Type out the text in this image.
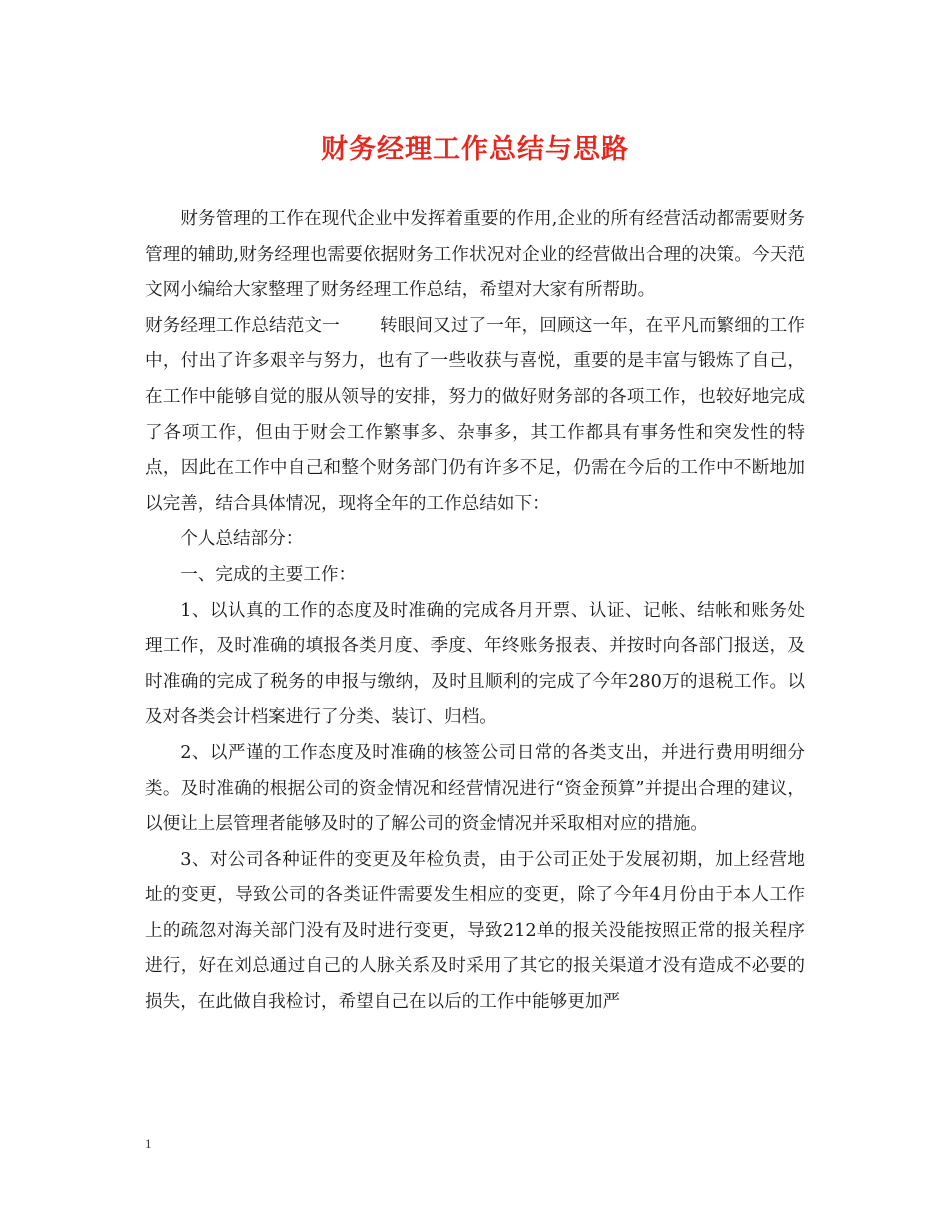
财务经理工作总结与思路

财务管理的工作在现代企业中发挥着重要的作用,企业的所有经营活动都需要财务管理的辅助,财务经理也需要依据财务工作状况对企业的经营做出合理的决策。今天范文网小编给大家整理了财务经理工作总结，希望对大家有所帮助。

财务经理工作总结范文一 转眼间又过了一年，回顾这一年，在平凡而繁细的工作中，付出了许多艰辛与努力，也有了一些收获与喜悦，重要的是丰富与锻炼了自己，在工作中能够自觉的服从领导的安排，努力的做好财务部的各项工作，也较好地完成了各项工作，但由于财会工作繁事多、杂事多，其工作都具有事务性和突发性的特点，因此在工作中自己和整个财务部门仍有许多不足，仍需在今后的工作中不断地加以完善，结合具体情况，现将全年的工作总结如下：

个人总结部分：

一、完成的主要工作：

1、以认真的工作的态度及时准确的完成各月开票、认证、记帐、结帐和账务处理工作，及时准确的填报各类月度、季度、年终账务报表、并按时向各部门报送，及时准确的完成了税务的申报与缴纳，及时且顺利的完成了今年280万的退税工作。以及对各类会计档案进行了分类、装订、归档。

2、以严谨的工作态度及时准确的核签公司日常的各类支出，并进行费用明细分类。及时准确的根据公司的资金情况和经营情况进行“资金预算”并提出合理的建议，以便让上层管理者能够及时的了解公司的资金情况并采取相对应的措施。

3、对公司各种证件的变更及年检负责，由于公司正处于发展初期，加上经营地址的变更，导致公司的各类证件需要发生相应的变更，除了今年4月份由于本人工作上的疏忽对海关部门没有及时进行变更，导致212单的报关没能按照正常的报关程序进行，好在刘总通过自己的人脉关系及时采用了其它的报关渠道才没有造成不必要的损失，在此做自我检讨，希望自己在以后的工作中能够更加严

1
